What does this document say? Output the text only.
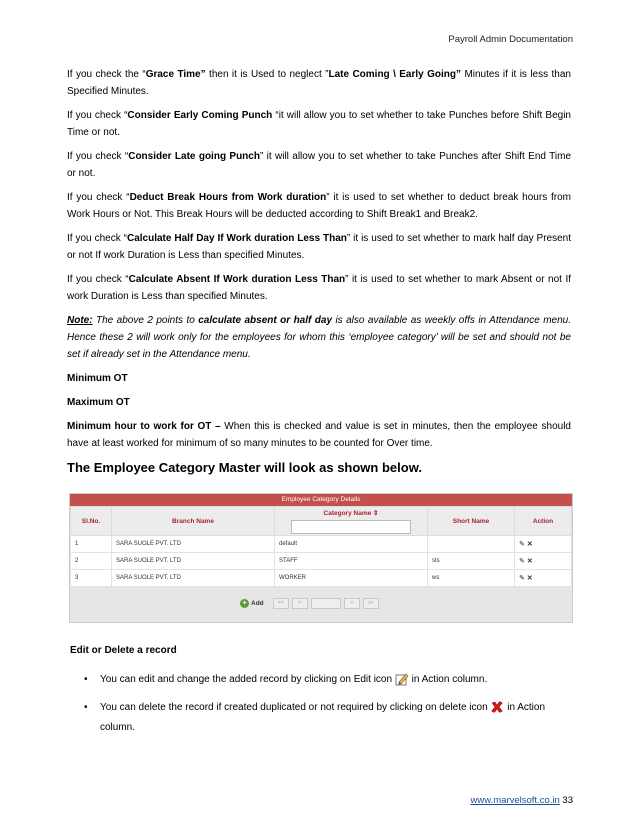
Payroll Admin Documentation

If you check the “Grace Time” then it is Used to neglect ”Late Coming \ Early Going” Minutes if it is less than Specified Minutes.

If you check “Consider Early Coming Punch “it will allow you to set whether to take Punches before Shift Begin Time or not.

If you check “Consider Late going Punch” it will allow you to set whether to take Punches after Shift End Time or not.

If you check “Deduct Break Hours from Work duration” it is used to set whether to deduct break hours from Work Hours or Not. This Break Hours will be deducted according to Shift Break1 and Break2.

If you check “Calculate Half Day If Work duration Less Than” it is used to set whether to mark half day Present or not If work Duration is Less than specified Minutes.

If you check “Calculate Absent If Work duration Less Than” it is used to set whether to mark Absent or not If work Duration is Less than specified Minutes.

Note: The above 2 points to calculate absent or half day is also available as weekly offs in Attendance menu. Hence these 2 will work only for the employees for whom this ‘employee category’ will be set and should not be set if already set in the Attendance menu.

Minimum OT

Maximum OT

Minimum hour to work for OT – When this is checked and value is set in minutes, then the employee should have at least worked for minimum of so many minutes to be counted for Over time.

The Employee Category Master will look as shown below.
Employee Category Details
Sl.No.	Branch Name	Category Name ⇕	Short Name	Action
1	SARA SUOLE PVT. LTD	default		✎ ✕
2	SARA SUOLE PVT. LTD	STAFF	sts	✎ ✕
3	SARA SUOLE PVT. LTD	WORKER	ws	✎ ✕
+ Add	<<	<	>	>>
Edit or Delete a record
•	You can edit and change the added record by clicking on Edit icon in Action column.
•	You can delete the record if created duplicated or not required by clicking on delete icon in Action column.
www.marvelsoft.co.in 33
